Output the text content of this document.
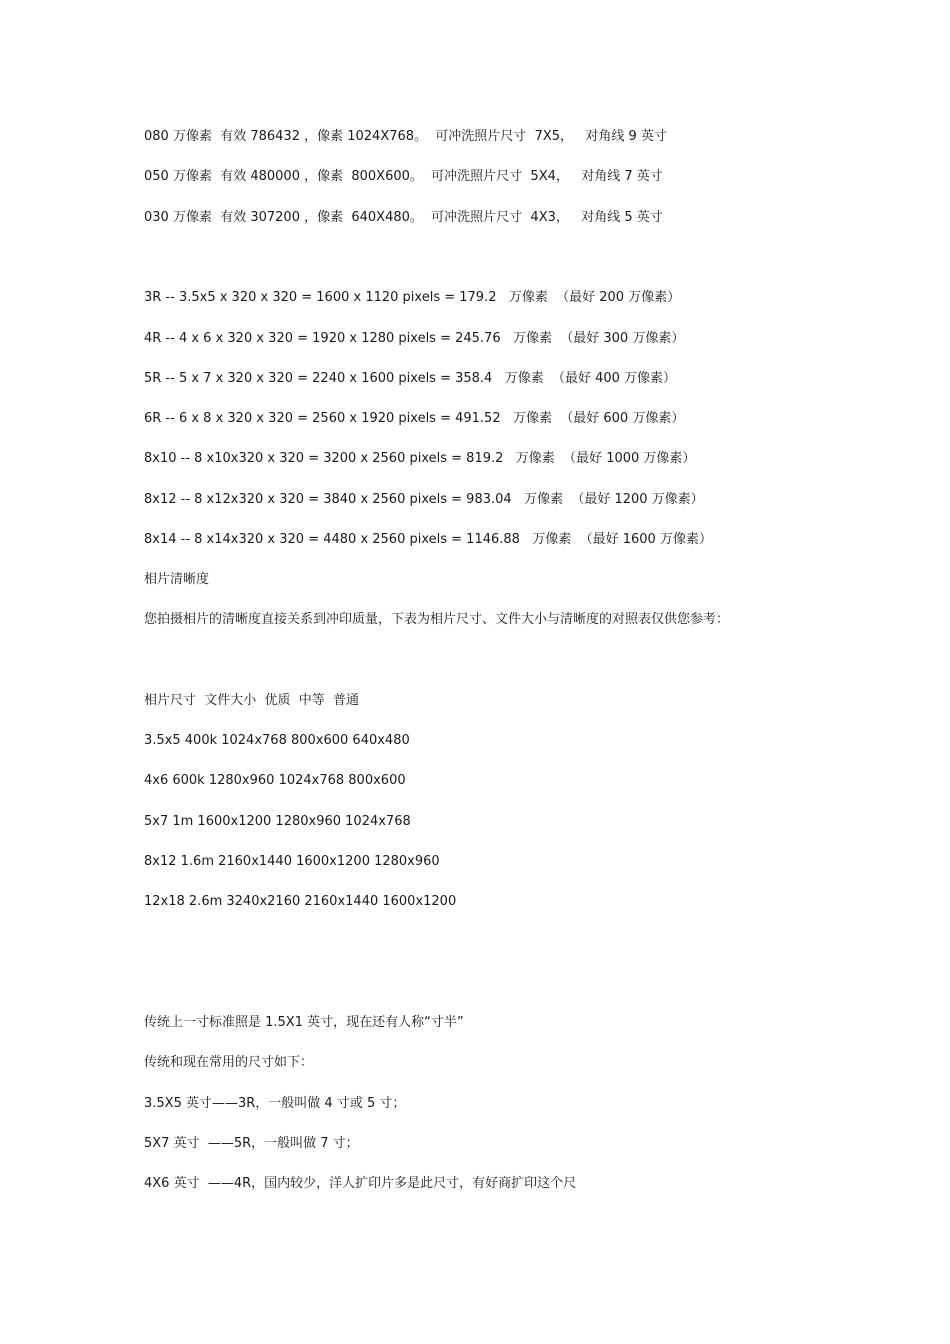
080 万像素  有效 786432 ，像素 1024X768。  可冲洗照片尺寸  7X5，   对角线 9 英寸
050 万像素  有效 480000 ，像素  800X600。  可冲洗照片尺寸  5X4，   对角线 7 英寸
030 万像素  有效 307200 ，像素  640X480。  可冲洗照片尺寸  4X3，   对角线 5 英寸
3R -- 3.5x5 x 320 x 320 = 1600 x 1120 pixels = 179.2   万像素  （最好 200 万像素）
4R -- 4 x 6 x 320 x 320 = 1920 x 1280 pixels = 245.76   万像素  （最好 300 万像素）
5R -- 5 x 7 x 320 x 320 = 2240 x 1600 pixels = 358.4   万像素  （最好 400 万像素）
6R -- 6 x 8 x 320 x 320 = 2560 x 1920 pixels = 491.52   万像素  （最好 600 万像素）
8x10 -- 8 x10x320 x 320 = 3200 x 2560 pixels = 819.2   万像素  （最好 1000 万像素）
8x12 -- 8 x12x320 x 320 = 3840 x 2560 pixels = 983.04   万像素  （最好 1200 万像素）
8x14 -- 8 x14x320 x 320 = 4480 x 2560 pixels = 1146.88   万像素  （最好 1600 万像素）
相片清晰度
您拍摄相片的清晰度直接关系到冲印质量，下表为相片尺寸、文件大小与清晰度的对照表仅供您参考：
相片尺寸  文件大小  优质  中等  普通
3.5x5 400k 1024x768 800x600 640x480
4x6 600k 1280x960 1024x768 800x600
5x7 1m 1600x1200 1280x960 1024x768
8x12 1.6m 2160x1440 1600x1200 1280x960
12x18 2.6m 3240x2160 2160x1440 1600x1200
传统上一寸标准照是 1.5X1 英寸，现在还有人称“寸半”
传统和现在常用的尺寸如下：
3.5X5 英寸——3R，一般叫做 4 寸或 5 寸；
5X7 英寸  ——5R，一般叫做 7 寸；
4X6 英寸  ——4R，国内较少，洋人扩印片多是此尺寸，有好商扩印这个尺
